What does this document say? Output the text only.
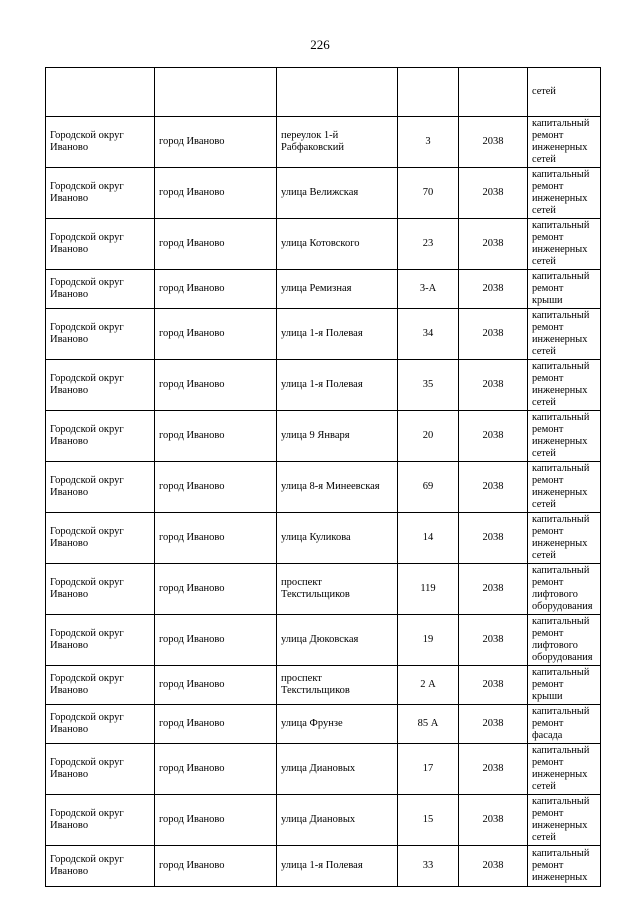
226
					сетей
Городской округ Иваново	город Иваново	переулок 1-й Рабфаковский	3	2038	капитальный ремонт инженерных сетей
Городской округ Иваново	город Иваново	улица Велижская	70	2038	капитальный ремонт инженерных сетей
Городской округ Иваново	город Иваново	улица Котовского	23	2038	капитальный ремонт инженерных сетей
Городской округ Иваново	город Иваново	улица Ремизная	3-А	2038	капитальный ремонт крыши
Городской округ Иваново	город Иваново	улица 1-я Полевая	34	2038	капитальный ремонт инженерных сетей
Городской округ Иваново	город Иваново	улица 1-я Полевая	35	2038	капитальный ремонт инженерных сетей
Городской округ Иваново	город Иваново	улица 9 Января	20	2038	капитальный ремонт инженерных сетей
Городской округ Иваново	город Иваново	улица 8-я Минеевская	69	2038	капитальный ремонт инженерных сетей
Городской округ Иваново	город Иваново	улица Куликова	14	2038	капитальный ремонт инженерных сетей
Городской округ Иваново	город Иваново	проспект Текстильщиков	119	2038	капитальный ремонт лифтового оборудования
Городской округ Иваново	город Иваново	улица Дюковская	19	2038	капитальный ремонт лифтового оборудования
Городской округ Иваново	город Иваново	проспект Текстильщиков	2 А	2038	капитальный ремонт крыши
Городской округ Иваново	город Иваново	улица Фрунзе	85 А	2038	капитальный ремонт фасада
Городской округ Иваново	город Иваново	улица Диановых	17	2038	капитальный ремонт инженерных сетей
Городской округ Иваново	город Иваново	улица Диановых	15	2038	капитальный ремонт инженерных сетей
Городской округ Иваново	город Иваново	улица 1-я Полевая	33	2038	капитальный ремонт инженерных
